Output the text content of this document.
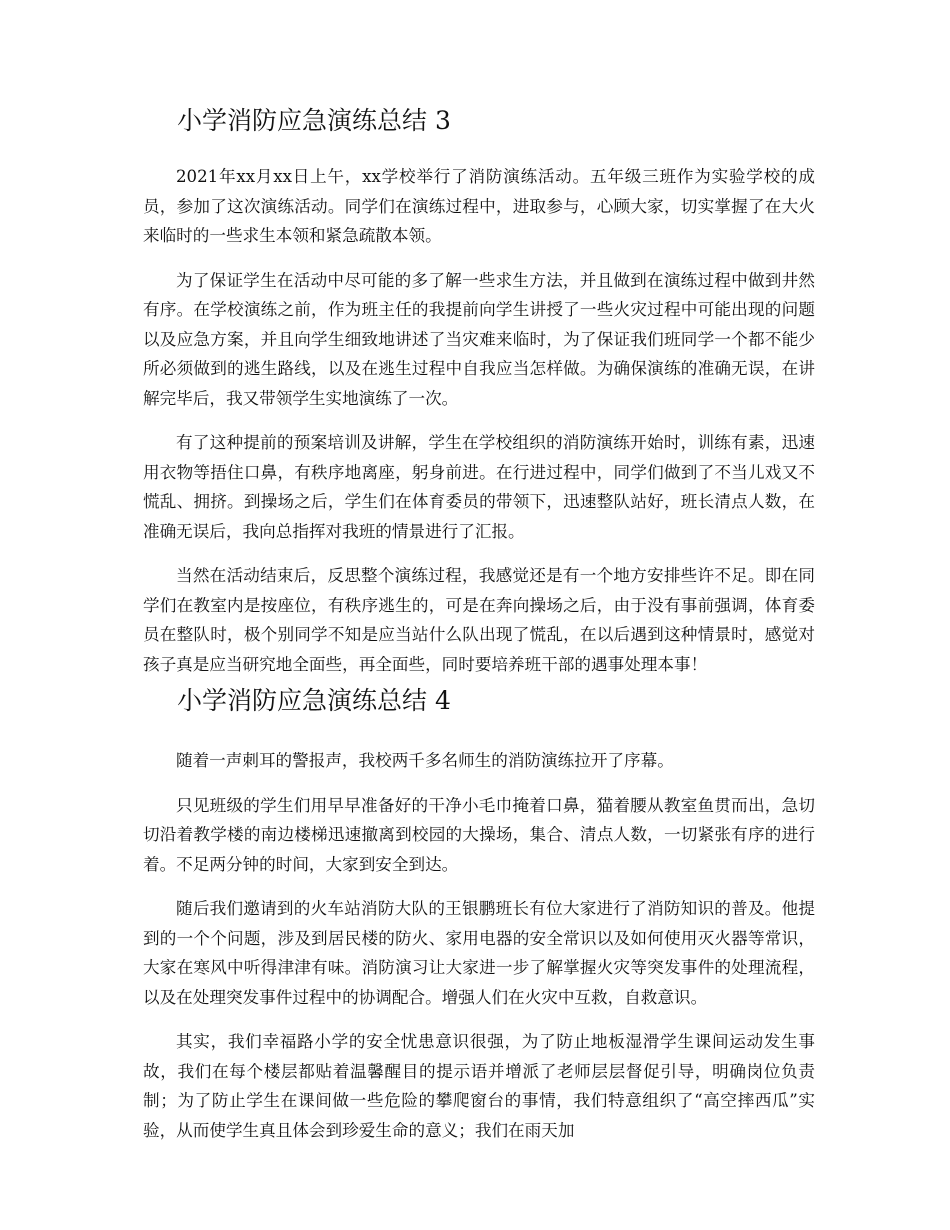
小学消防应急演练总结 3

2021年xx月xx日上午，xx学校举行了消防演练活动。五年级三班作为实验学校的成员，参加了这次演练活动。同学们在演练过程中，进取参与，心顾大家，切实掌握了在大火来临时的一些求生本领和紧急疏散本领。

为了保证学生在活动中尽可能的多了解一些求生方法，并且做到在演练过程中做到井然有序。在学校演练之前，作为班主任的我提前向学生讲授了一些火灾过程中可能出现的问题以及应急方案，并且向学生细致地讲述了当灾难来临时，为了保证我们班同学一个都不能少所必须做到的逃生路线，以及在逃生过程中自我应当怎样做。为确保演练的准确无误，在讲解完毕后，我又带领学生实地演练了一次。

有了这种提前的预案培训及讲解，学生在学校组织的消防演练开始时，训练有素，迅速用衣物等捂住口鼻，有秩序地离座，躬身前进。在行进过程中，同学们做到了不当儿戏又不慌乱、拥挤。到操场之后，学生们在体育委员的带领下，迅速整队站好，班长清点人数，在准确无误后，我向总指挥对我班的情景进行了汇报。

当然在活动结束后，反思整个演练过程，我感觉还是有一个地方安排些许不足。即在同学们在教室内是按座位，有秩序逃生的，可是在奔向操场之后，由于没有事前强调，体育委员在整队时，极个别同学不知是应当站什么队出现了慌乱，在以后遇到这种情景时，感觉对孩子真是应当研究地全面些，再全面些，同时要培养班干部的遇事处理本事！

小学消防应急演练总结 4

随着一声刺耳的警报声，我校两千多名师生的消防演练拉开了序幕。

只见班级的学生们用早早准备好的干净小毛巾掩着口鼻，猫着腰从教室鱼贯而出，急切切沿着教学楼的南边楼梯迅速撤离到校园的大操场，集合、清点人数，一切紧张有序的进行着。不足两分钟的时间，大家到安全到达。

随后我们邀请到的火车站消防大队的王银鹏班长有位大家进行了消防知识的普及。他提到的一个个问题，涉及到居民楼的防火、家用电器的安全常识以及如何使用灭火器等常识，大家在寒风中听得津津有味。消防演习让大家进一步了解掌握火灾等突发事件的处理流程，以及在处理突发事件过程中的协调配合。增强人们在火灾中互救，自救意识。

其实，我们幸福路小学的安全忧患意识很强，为了防止地板湿滑学生课间运动发生事故，我们在每个楼层都贴着温馨醒目的提示语并增派了老师层层督促引导，明确岗位负责制；为了防止学生在课间做一些危险的攀爬窗台的事情，我们特意组织了“高空摔西瓜”实验，从而使学生真且体会到珍爱生命的意义；我们在雨天加
